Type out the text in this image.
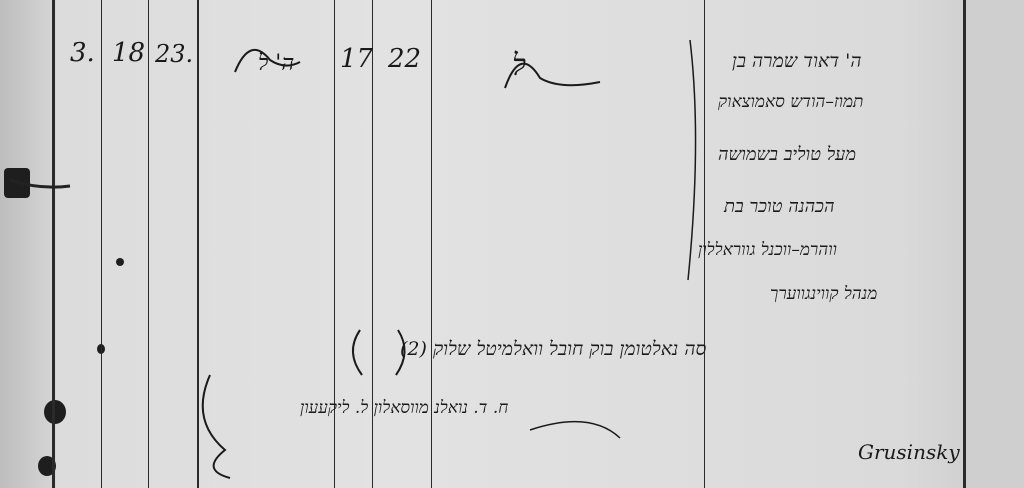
3. 18 23.	ה' ל 17 22	ל	ה' דאוד שמרה בן
תמוז–הודש סאמוצאוק
מעל טוליב בשמושה
הכהנה טוכר בת
ווהרמ–ווכנל גווראללון
מנהל קווינגווערך
סה נאלטומן בוק חובל וואלמיטל שלוק (2)
ח. ד. נואלנ מווסאלון ל. ליקעעון
Grusinsky
